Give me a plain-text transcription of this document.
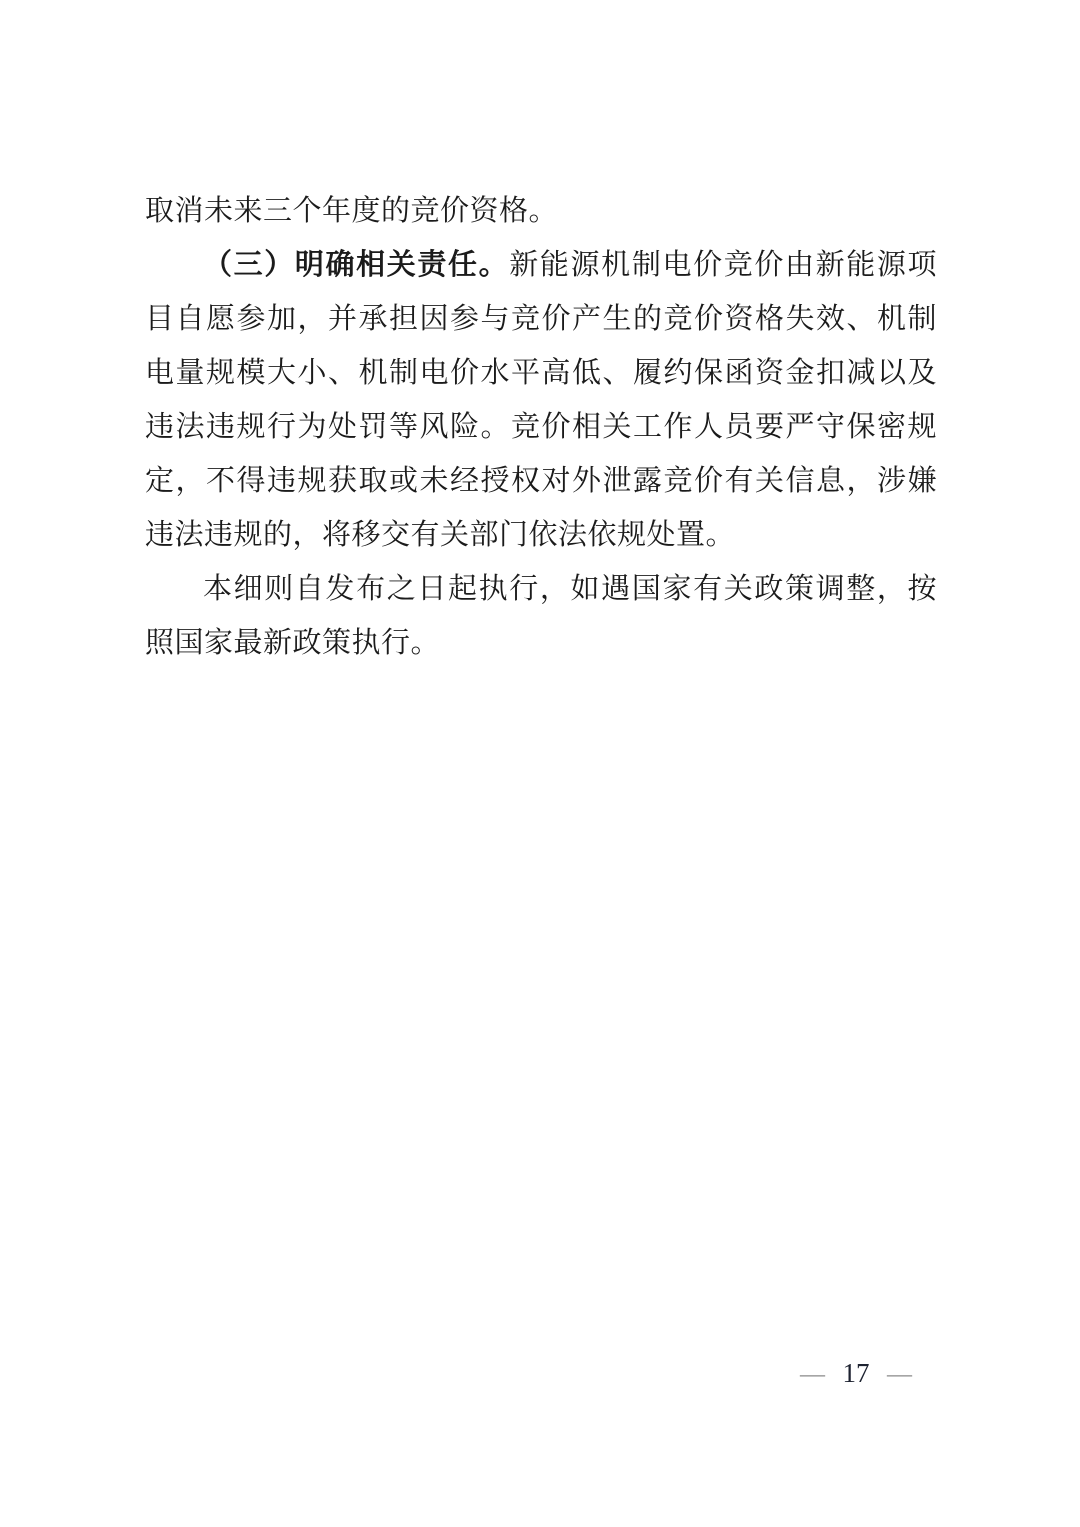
取消未来三个年度的竞价资格。

（三）明确相关责任。新能源机制电价竞价由新能源项目自愿参加，并承担因参与竞价产生的竞价资格失效、机制电量规模大小、机制电价水平高低、履约保函资金扣减以及违法违规行为处罚等风险。竞价相关工作人员要严守保密规定，不得违规获取或未经授权对外泄露竞价有关信息，涉嫌违法违规的，将移交有关部门依法依规处置。

本细则自发布之日起执行，如遇国家有关政策调整，按照国家最新政策执行。

— 17 —
